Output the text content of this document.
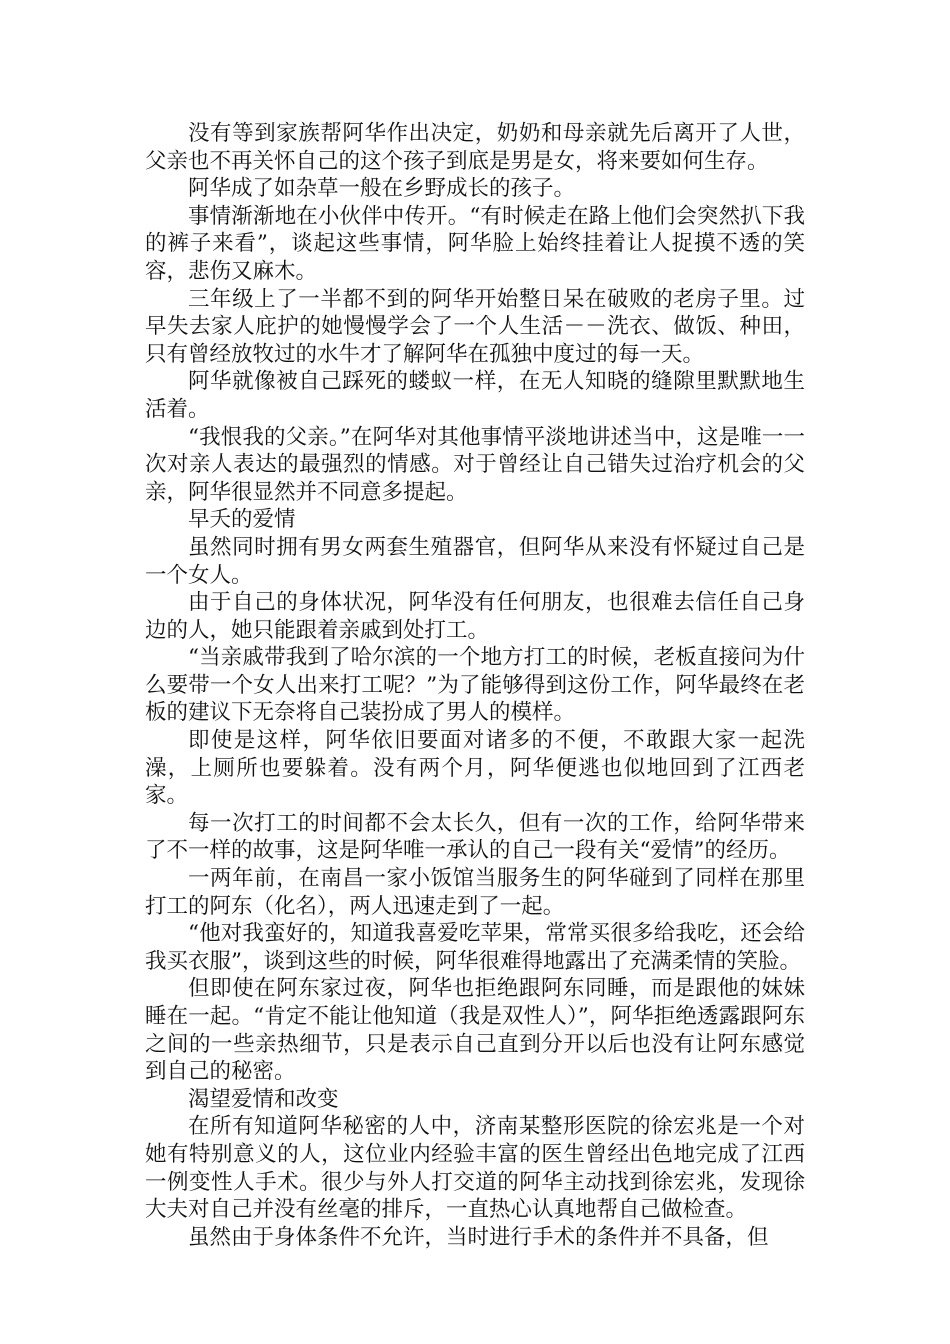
没有等到家族帮阿华作出决定，奶奶和母亲就先后离开了人世，父亲也不再关怀自己的这个孩子到底是男是女，将来要如何生存。

阿华成了如杂草一般在乡野成长的孩子。

事情渐渐地在小伙伴中传开。“有时候走在路上他们会突然扒下我的裤子来看”，谈起这些事情，阿华脸上始终挂着让人捉摸不透的笑容，悲伤又麻木。

三年级上了一半都不到的阿华开始整日呆在破败的老房子里。过早失去家人庇护的她慢慢学会了一个人生活－－洗衣、做饭、种田，只有曾经放牧过的水牛才了解阿华在孤独中度过的每一天。

阿华就像被自己踩死的蝼蚁一样，在无人知晓的缝隙里默默地生活着。

“我恨我的父亲。”在阿华对其他事情平淡地讲述当中，这是唯一一次对亲人表达的最强烈的情感。对于曾经让自己错失过治疗机会的父亲，阿华很显然并不同意多提起。

早夭的爱情

虽然同时拥有男女两套生殖器官，但阿华从来没有怀疑过自己是一个女人。

由于自己的身体状况，阿华没有任何朋友，也很难去信任自己身边的人，她只能跟着亲戚到处打工。

“当亲戚带我到了哈尔滨的一个地方打工的时候，老板直接问为什么要带一个女人出来打工呢？”为了能够得到这份工作，阿华最终在老板的建议下无奈将自己装扮成了男人的模样。

即使是这样，阿华依旧要面对诸多的不便，不敢跟大家一起洗澡，上厕所也要躲着。没有两个月，阿华便逃也似地回到了江西老家。

每一次打工的时间都不会太长久，但有一次的工作，给阿华带来了不一样的故事，这是阿华唯一承认的自己一段有关“爱情”的经历。

一两年前，在南昌一家小饭馆当服务生的阿华碰到了同样在那里打工的阿东（化名），两人迅速走到了一起。

“他对我蛮好的，知道我喜爱吃苹果，常常买很多给我吃，还会给我买衣服”，谈到这些的时候，阿华很难得地露出了充满柔情的笑脸。

但即使在阿东家过夜，阿华也拒绝跟阿东同睡，而是跟他的妹妹睡在一起。“肯定不能让他知道（我是双性人）”，阿华拒绝透露跟阿东之间的一些亲热细节，只是表示自己直到分开以后也没有让阿东感觉到自己的秘密。

渴望爱情和改变

在所有知道阿华秘密的人中，济南某整形医院的徐宏兆是一个对她有特别意义的人，这位业内经验丰富的医生曾经出色地完成了江西一例变性人手术。很少与外人打交道的阿华主动找到徐宏兆，发现徐大夫对自己并没有丝毫的排斥，一直热心认真地帮自己做检查。

虽然由于身体条件不允许，当时进行手术的条件并不具备，但
